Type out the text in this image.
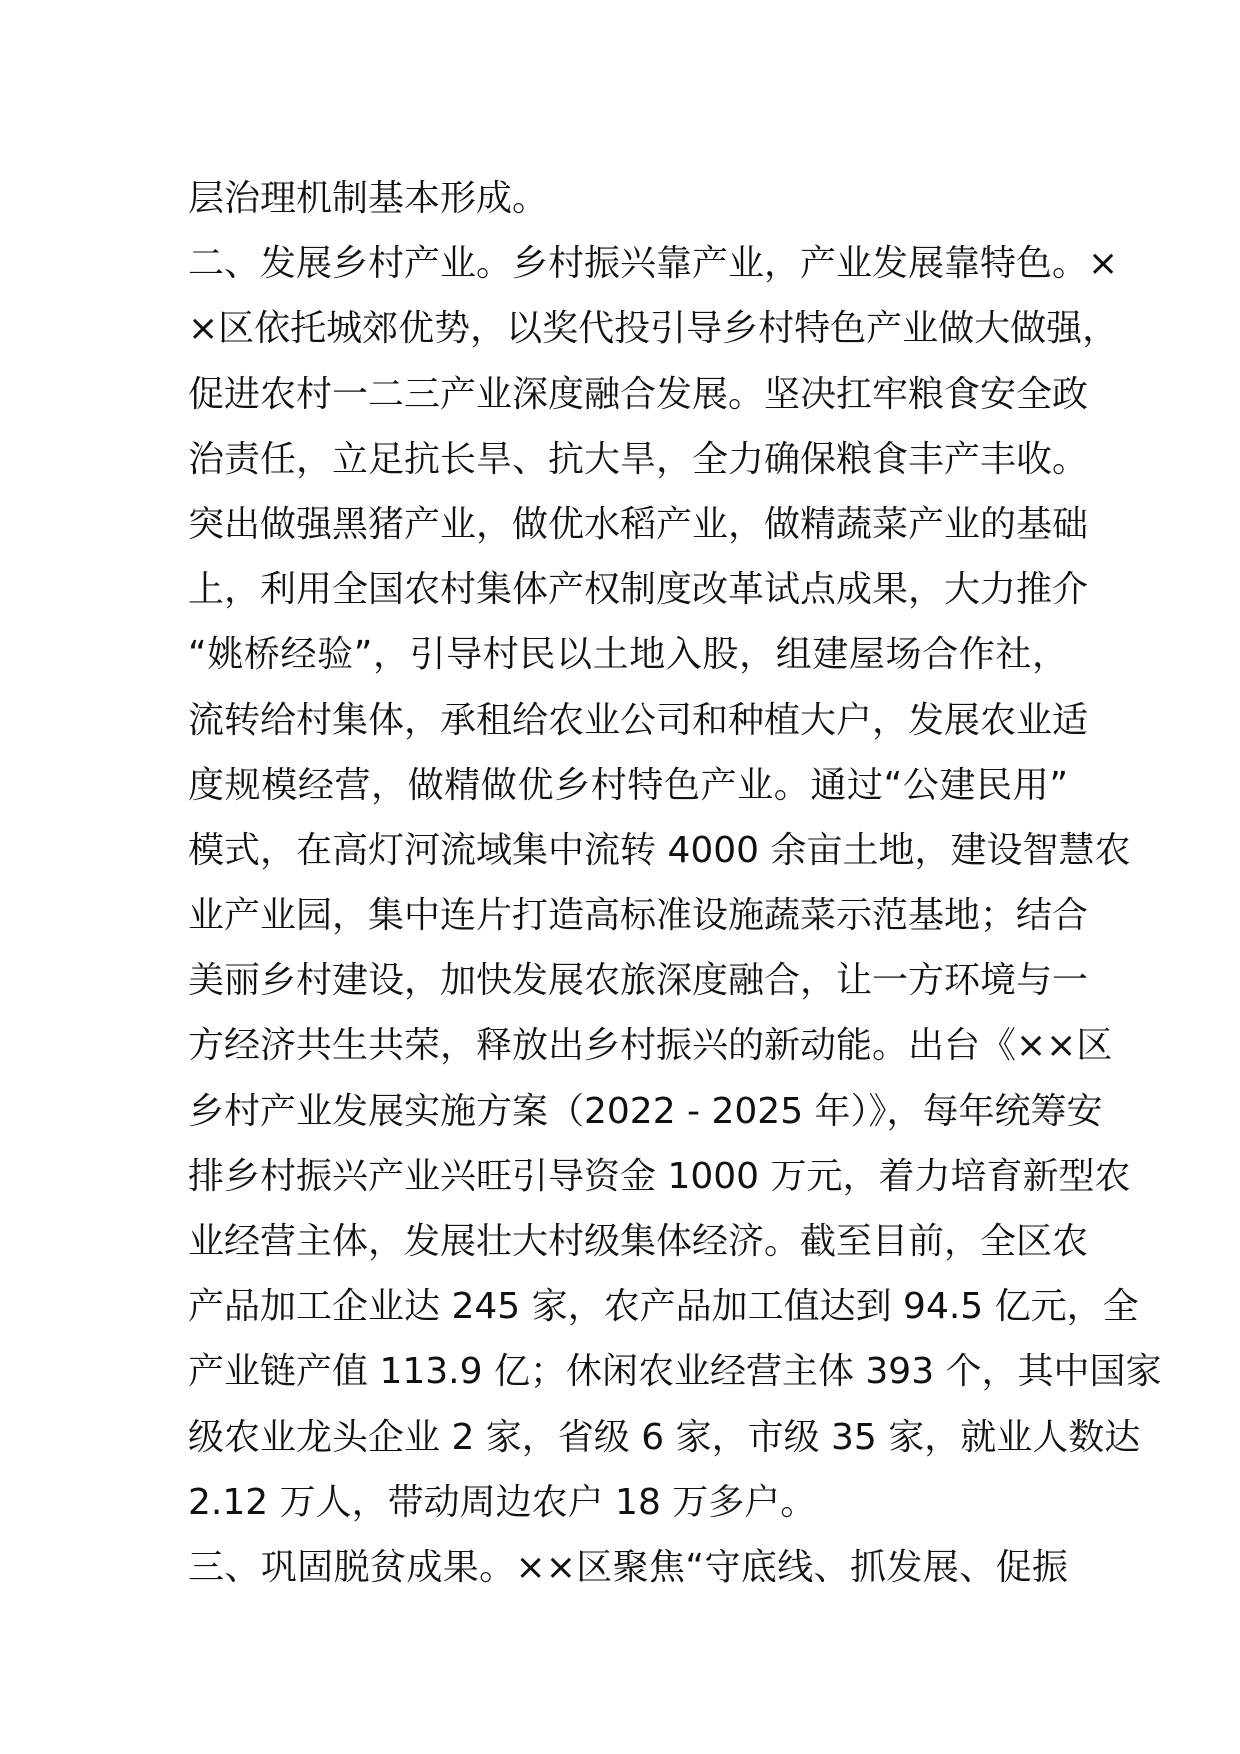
层治理机制基本形成。
二、发展乡村产业。乡村振兴靠产业，产业发展靠特色。×
×区依托城郊优势，以奖代投引导乡村特色产业做大做强，
促进农村一二三产业深度融合发展。坚决扛牢粮食安全政
治责任，立足抗长旱、抗大旱，全力确保粮食丰产丰收。
突出做强黑猪产业，做优水稻产业，做精蔬菜产业的基础
上，利用全国农村集体产权制度改革试点成果，大力推介
“姚桥经验”，引导村民以土地入股，组建屋场合作社，
流转给村集体，承租给农业公司和种植大户，发展农业适
度规模经营，做精做优乡村特色产业。通过“公建民用”
模式，在高灯河流域集中流转 4000 余亩土地，建设智慧农
业产业园，集中连片打造高标准设施蔬菜示范基地；结合
美丽乡村建设，加快发展农旅深度融合，让一方环境与一
方经济共生共荣，释放出乡村振兴的新动能。出台《××区
乡村产业发展实施方案（2022 - 2025 年）》，每年统筹安
排乡村振兴产业兴旺引导资金 1000 万元，着力培育新型农
业经营主体，发展壮大村级集体经济。截至目前，全区农
产品加工企业达 245 家，农产品加工值达到 94.5 亿元，全
产业链产值 113.9 亿；休闲农业经营主体 393 个，其中国家
级农业龙头企业 2 家，省级 6 家，市级 35 家，就业人数达
2.12 万人，带动周边农户 18 万多户。
三、巩固脱贫成果。××区聚焦“守底线、抓发展、促振
